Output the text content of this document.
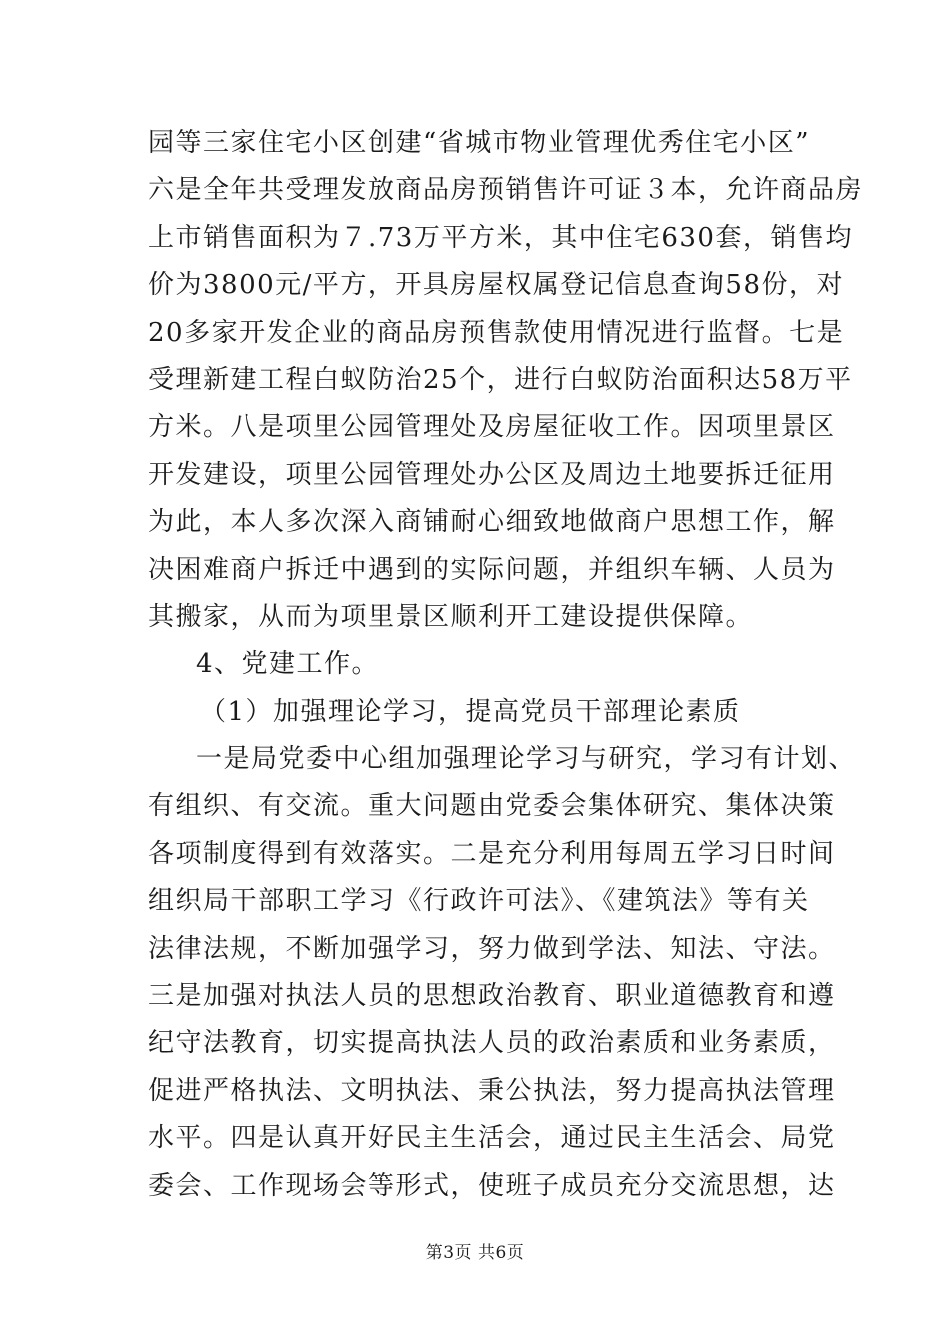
园等三家住宅小区创建“省城市物业管理优秀住宅小区”
六是全年共受理发放商品房预销售许可证３本，允许商品房
上市销售面积为７.73万平方米，其中住宅630套，销售均
价为3800元/平方，开具房屋权属登记信息查询58份，对
20多家开发企业的商品房预售款使用情况进行监督。七是
受理新建工程白蚁防治25个，进行白蚁防治面积达58万平
方米。八是项里公园管理处及房屋征收工作。因项里景区
开发建设，项里公园管理处办公区及周边土地要拆迁征用
为此，本人多次深入商铺耐心细致地做商户思想工作，解
决困难商户拆迁中遇到的实际问题，并组织车辆、人员为
其搬家，从而为项里景区顺利开工建设提供保障。
4、党建工作。
（1）加强理论学习，提高党员干部理论素质
一是局党委中心组加强理论学习与研究，学习有计划、
有组织、有交流。重大问题由党委会集体研究、集体决策
各项制度得到有效落实。二是充分利用每周五学习日时间
组织局干部职工学习《行政许可法》、《建筑法》等有关
法律法规，不断加强学习，努力做到学法、知法、守法。
三是加强对执法人员的思想政治教育、职业道德教育和遵
纪守法教育，切实提高执法人员的政治素质和业务素质，
促进严格执法、文明执法、秉公执法，努力提高执法管理
水平。四是认真开好民主生活会，通过民主生活会、局党
委会、工作现场会等形式，使班子成员充分交流思想，达
第3页 共6页
